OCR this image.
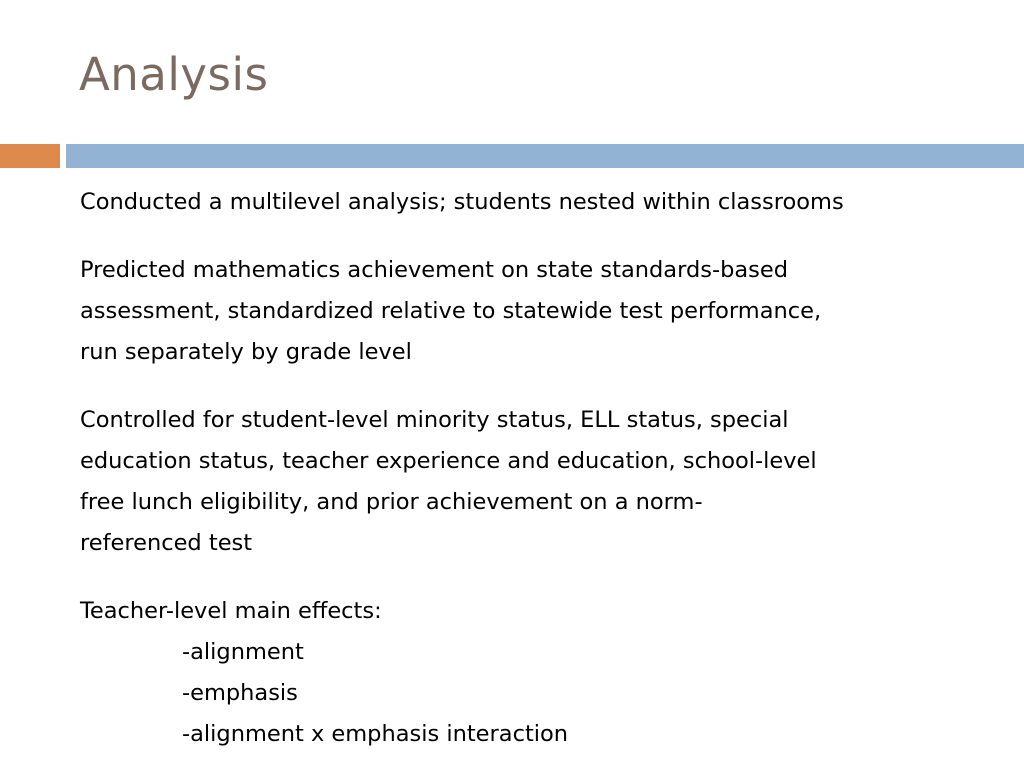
Analysis

Conducted a multilevel analysis; students nested within classrooms

Predicted mathematics achievement on state standards-based
assessment, standardized relative to statewide test performance,
run separately by grade level

Controlled for student-level minority status, ELL status, special
education status, teacher experience and education, school-level
free lunch eligibility, and prior achievement on a norm-
referenced test

Teacher-level main effects:

-alignment

-emphasis

-alignment x emphasis interaction
